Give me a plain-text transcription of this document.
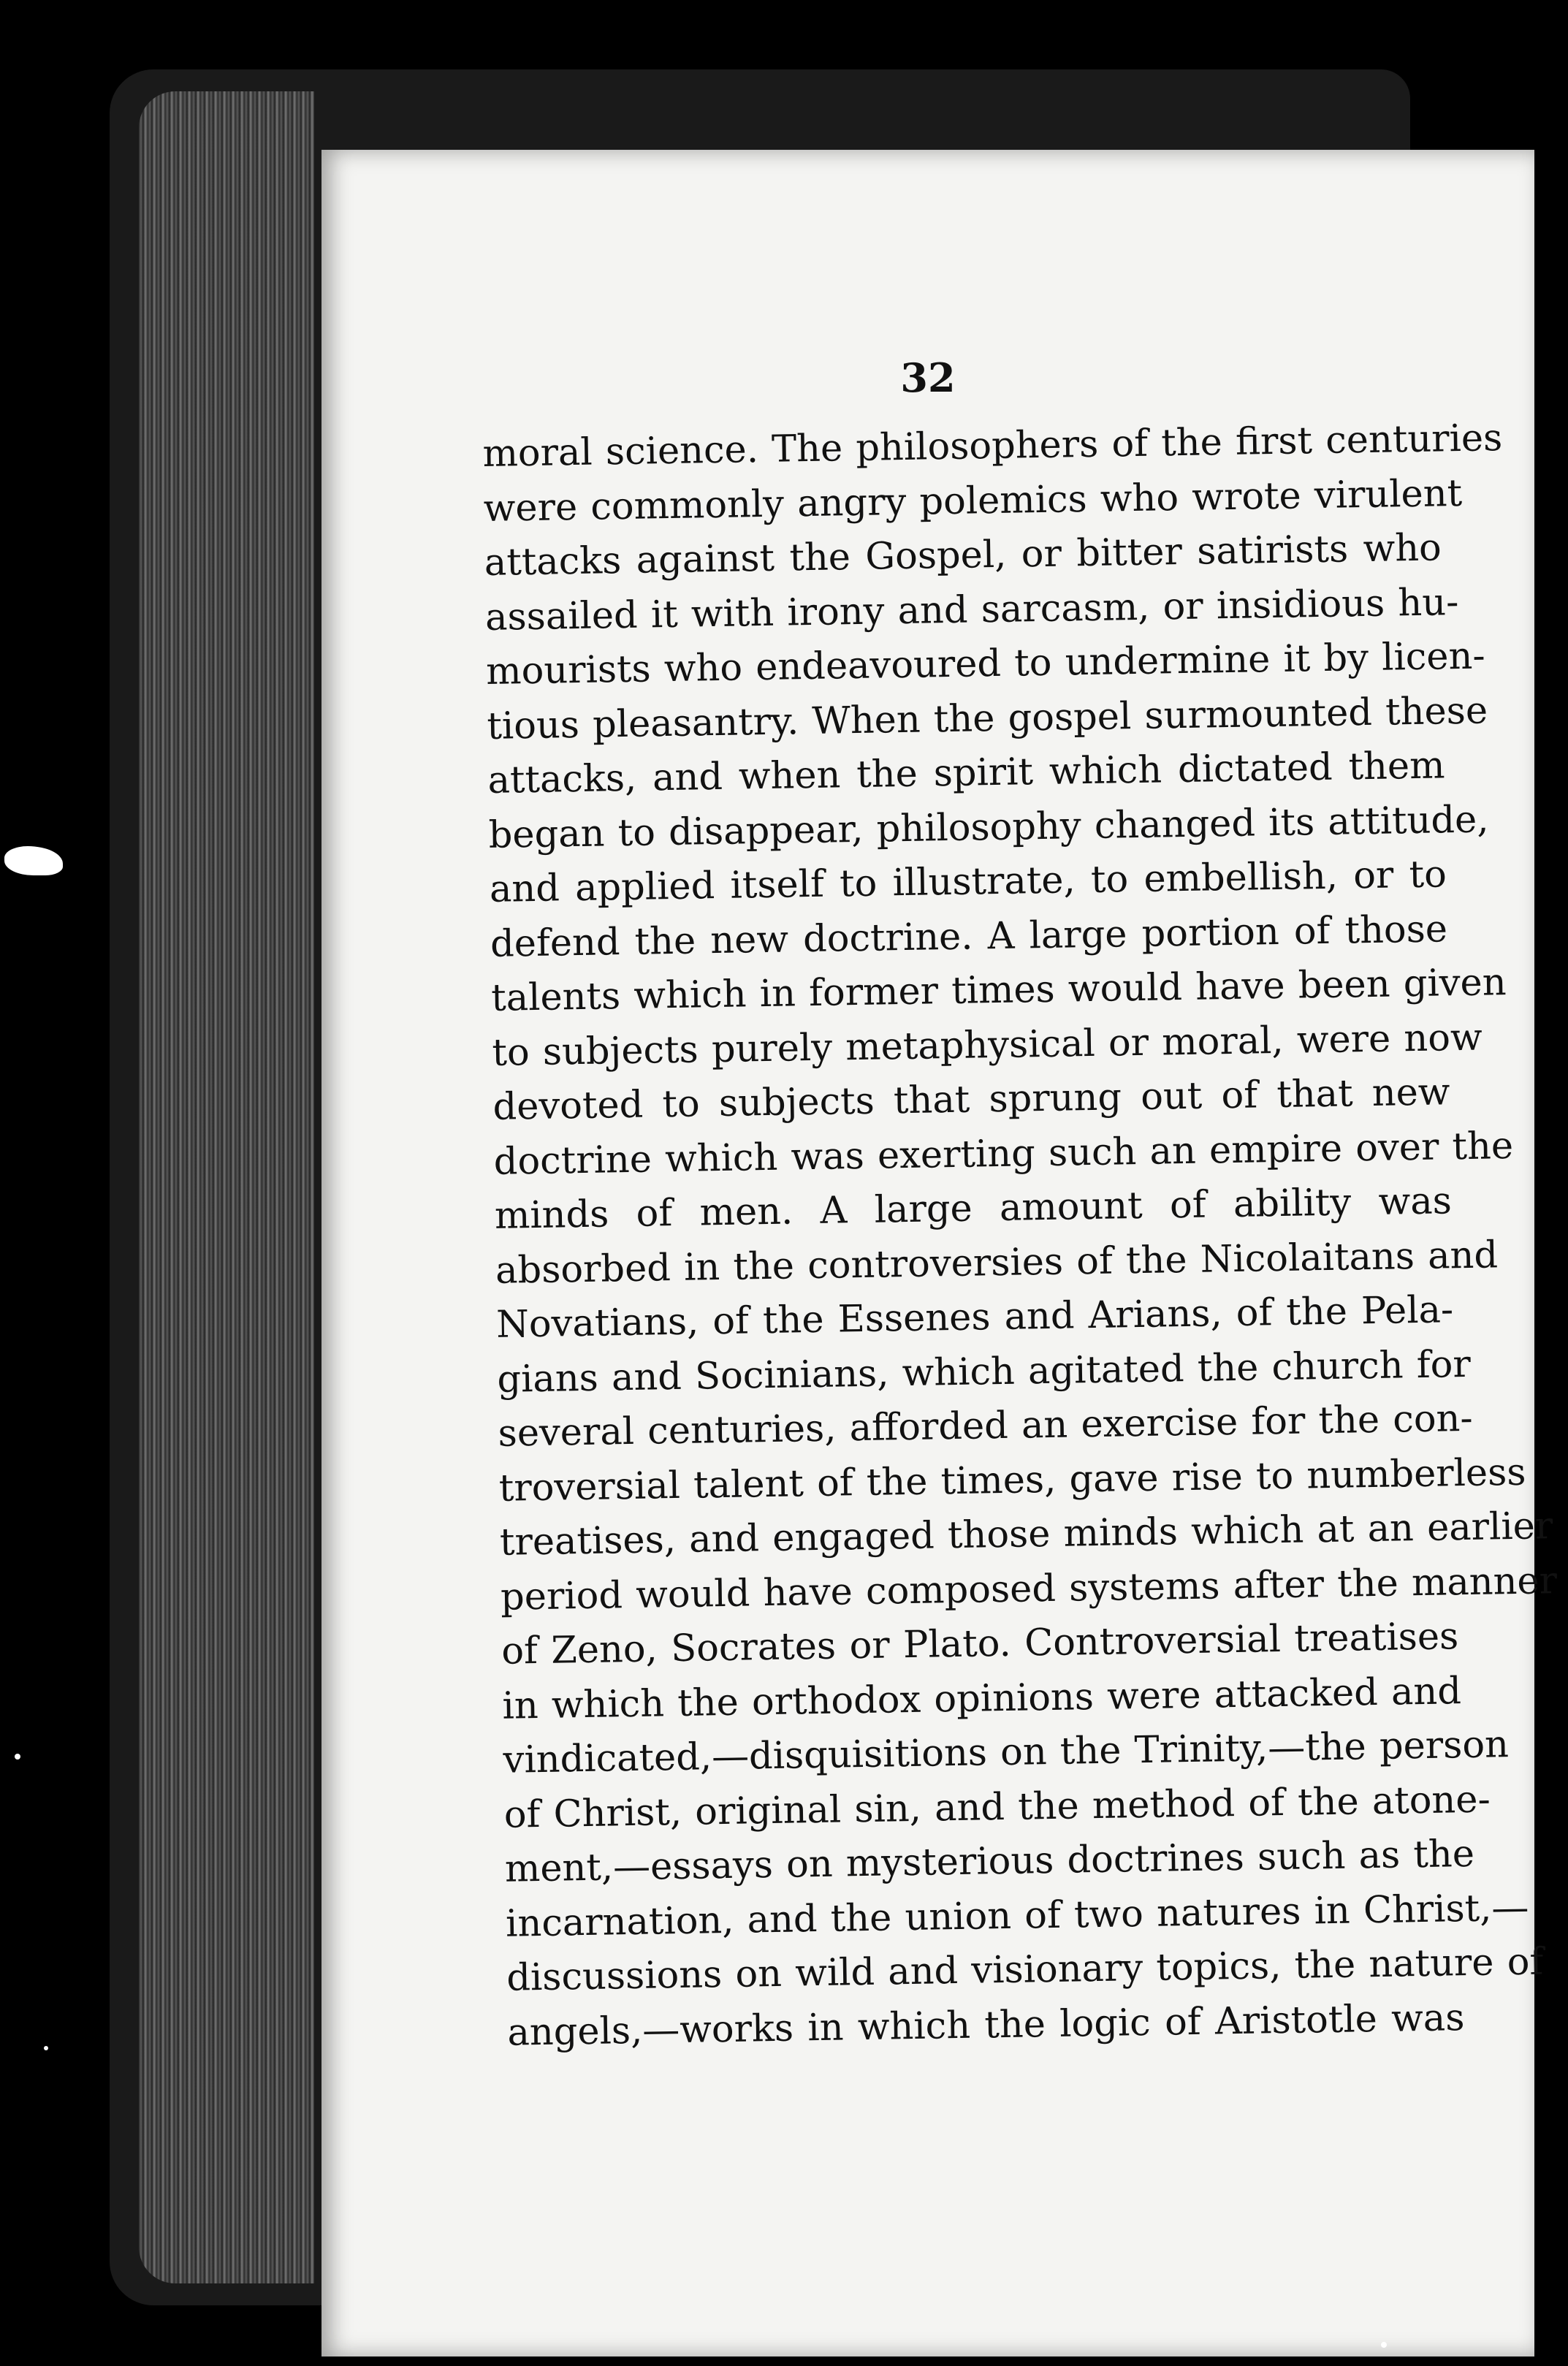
32
moral science. The philosophers of the first centuries
were commonly angry polemics who wrote virulent
attacks against the Gospel, or bitter satirists who
assailed it with irony and sarcasm, or insidious hu-
mourists who endeavoured to undermine it by licen-
tious pleasantry. When the gospel surmounted these
attacks, and when the spirit which dictated them
began to disappear, philosophy changed its attitude,
and applied itself to illustrate, to embellish, or to
defend the new doctrine. A large portion of those
talents which in former times would have been given
to subjects purely metaphysical or moral, were now
devoted to subjects that sprung out of that new
doctrine which was exerting such an empire over the
minds of men. A large amount of ability was
absorbed in the controversies of the Nicolaitans and
Novatians, of the Essenes and Arians, of the Pela-
gians and Socinians, which agitated the church for
several centuries, afforded an exercise for the con-
troversial talent of the times, gave rise to numberless
treatises, and engaged those minds which at an earlier
period would have composed systems after the manner
of Zeno, Socrates or Plato. Controversial treatises
in which the orthodox opinions were attacked and
vindicated,—disquisitions on the Trinity,—the person
of Christ, original sin, and the method of the atone-
ment,—essays on mysterious doctrines such as the
incarnation, and the union of two natures in Christ,—
discussions on wild and visionary topics, the nature of
angels,—works in which the logic of Aristotle was
